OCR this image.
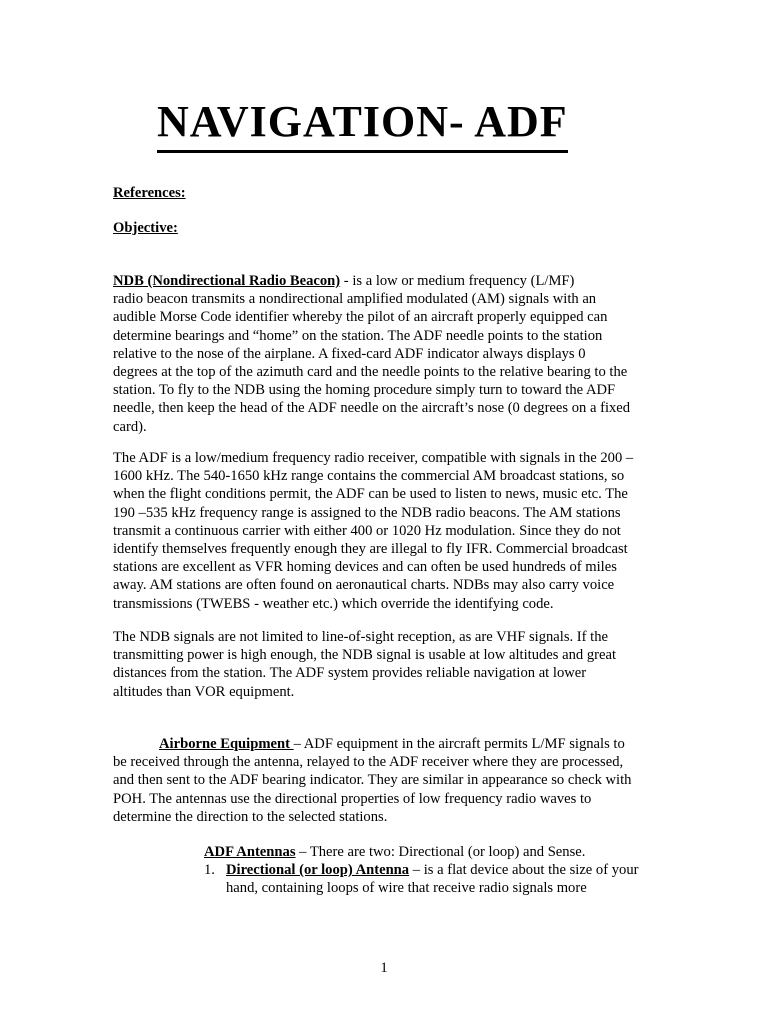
NAVIGATION- ADF
References:
Objective:
NDB (Nondirectional Radio Beacon) - is a low or medium frequency (L/MF)
radio beacon transmits a nondirectional amplified modulated (AM) signals with an
audible Morse Code identifier whereby the pilot of an aircraft properly equipped can
determine bearings and “home” on the station. The ADF needle points to the station
relative to the nose of the airplane. A fixed-card ADF indicator always displays 0
degrees at the top of the azimuth card and the needle points to the relative bearing to the
station. To fly to the NDB using the homing procedure simply turn to toward the ADF
needle, then keep the head of the ADF needle on the aircraft’s nose (0 degrees on a fixed
card).
The ADF is a low/medium frequency radio receiver, compatible with signals in the 200 –
1600 kHz. The 540-1650 kHz range contains the commercial AM broadcast stations, so
when the flight conditions permit, the ADF can be used to listen to news, music etc. The
190 –535 kHz frequency range is assigned to the NDB radio beacons. The AM stations
transmit a continuous carrier with either 400 or 1020 Hz modulation. Since they do not
identify themselves frequently enough they are illegal to fly IFR. Commercial broadcast
stations are excellent as VFR homing devices and can often be used hundreds of miles
away. AM stations are often found on aeronautical charts. NDBs may also carry voice
transmissions (TWEBS - weather etc.) which override the identifying code.
The NDB signals are not limited to line-of-sight reception, as are VHF signals. If the
transmitting power is high enough, the NDB signal is usable at low altitudes and great
distances from the station. The ADF system provides reliable navigation at lower
altitudes than VOR equipment.
Airborne Equipment – ADF equipment in the aircraft permits L/MF signals to
be received through the antenna, relayed to the ADF receiver where they are processed,
and then sent to the ADF bearing indicator. They are similar in appearance so check with
POH. The antennas use the directional properties of low frequency radio waves to
determine the direction to the selected stations.
ADF Antennas – There are two: Directional (or loop) and Sense.
1. Directional (or loop) Antenna – is a flat device about the size of your
hand, containing loops of wire that receive radio signals more
1
